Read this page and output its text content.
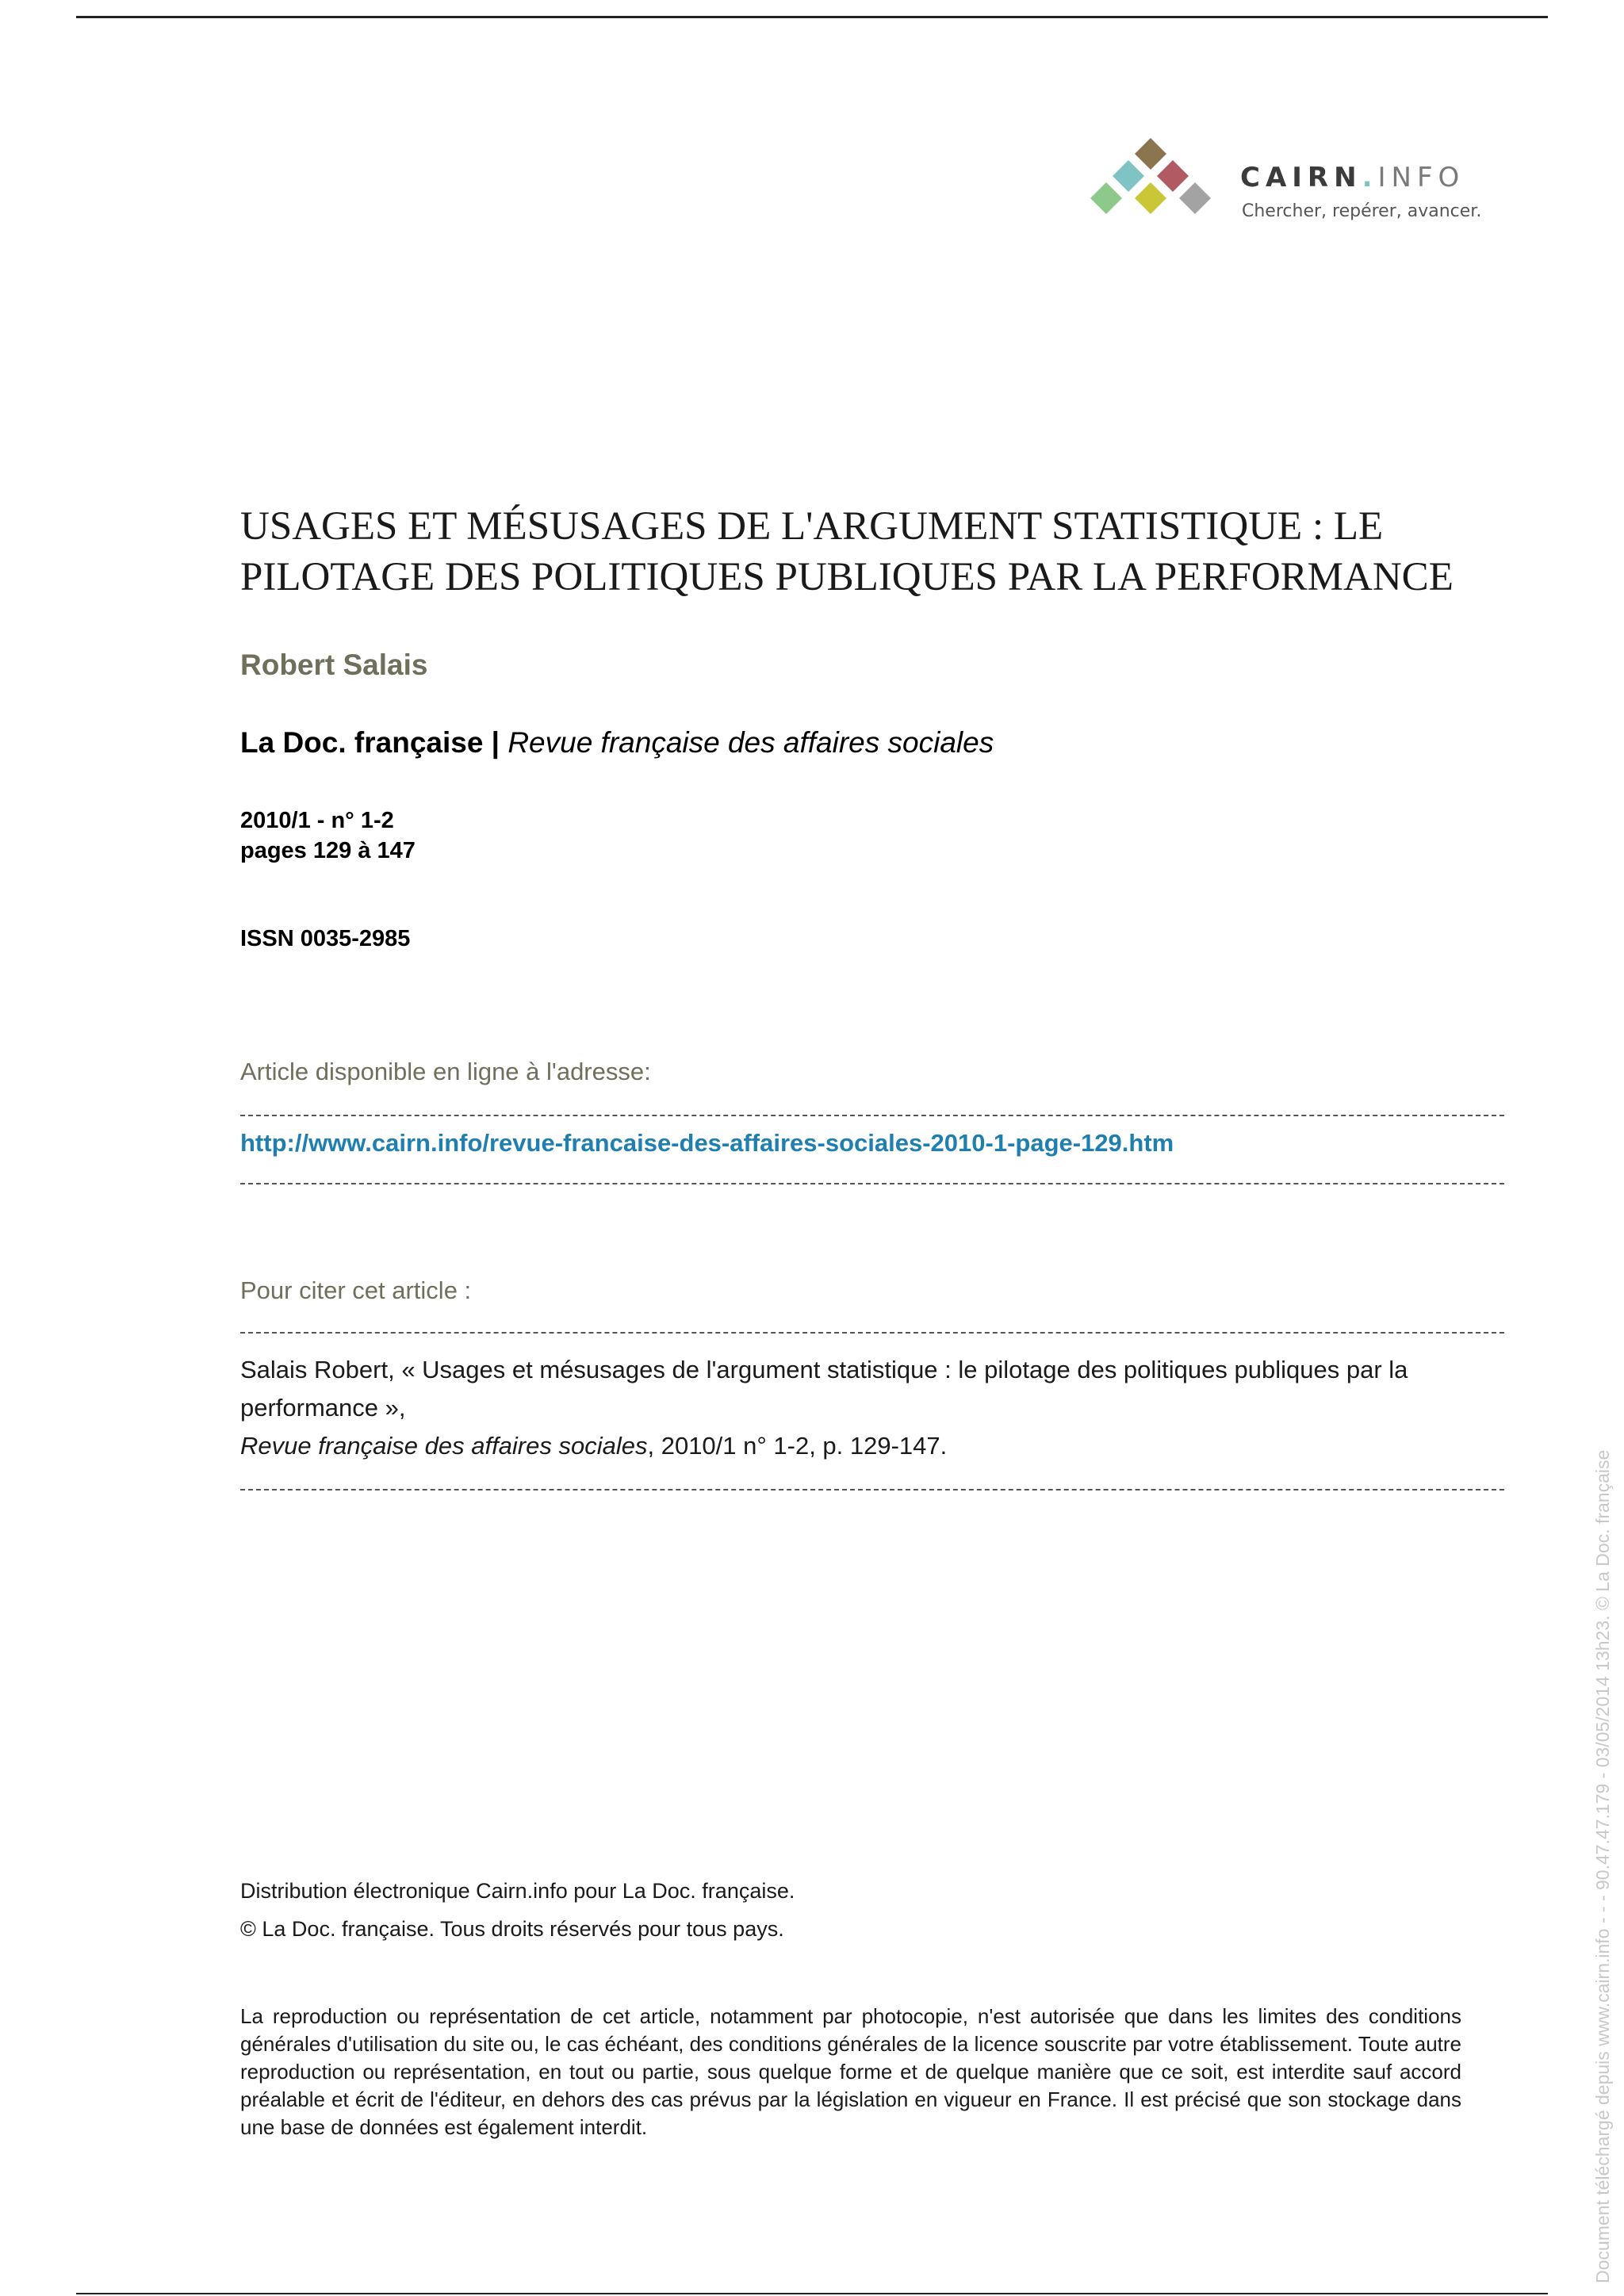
CAIRN.INFO
Chercher, repérer, avancer.
USAGES ET MÉSUSAGES DE L'ARGUMENT STATISTIQUE : LE
PILOTAGE DES POLITIQUES PUBLIQUES PAR LA PERFORMANCE
Robert Salais
La Doc. française | Revue française des affaires sociales
2010/1 - n° 1-2
pages 129 à 147
ISSN 0035-2985
Article disponible en ligne à l'adresse:
http://www.cairn.info/revue-francaise-des-affaires-sociales-2010-1-page-129.htm
Pour citer cet article :
Salais Robert, « Usages et mésusages de l'argument statistique : le pilotage des politiques publiques par la
performance »,
Revue française des affaires sociales, 2010/1 n° 1-2, p. 129-147.
Distribution électronique Cairn.info pour La Doc. française.
© La Doc. française. Tous droits réservés pour tous pays.
La reproduction ou représentation de cet article, notamment par photocopie, n'est autorisée que dans les limites des conditions générales d'utilisation du site ou, le cas échéant, des conditions générales de la licence souscrite par votre établissement. Toute autre reproduction ou représentation, en tout ou partie, sous quelque forme et de quelque manière que ce soit, est interdite sauf accord préalable et écrit de l'éditeur, en dehors des cas prévus par la législation en vigueur en France. Il est précisé que son stockage dans une base de données est également interdit.	Document téléchargé depuis www.cairn.info - - - 90.47.47.179 - 03/05/2014 13h23. © La Doc. française
